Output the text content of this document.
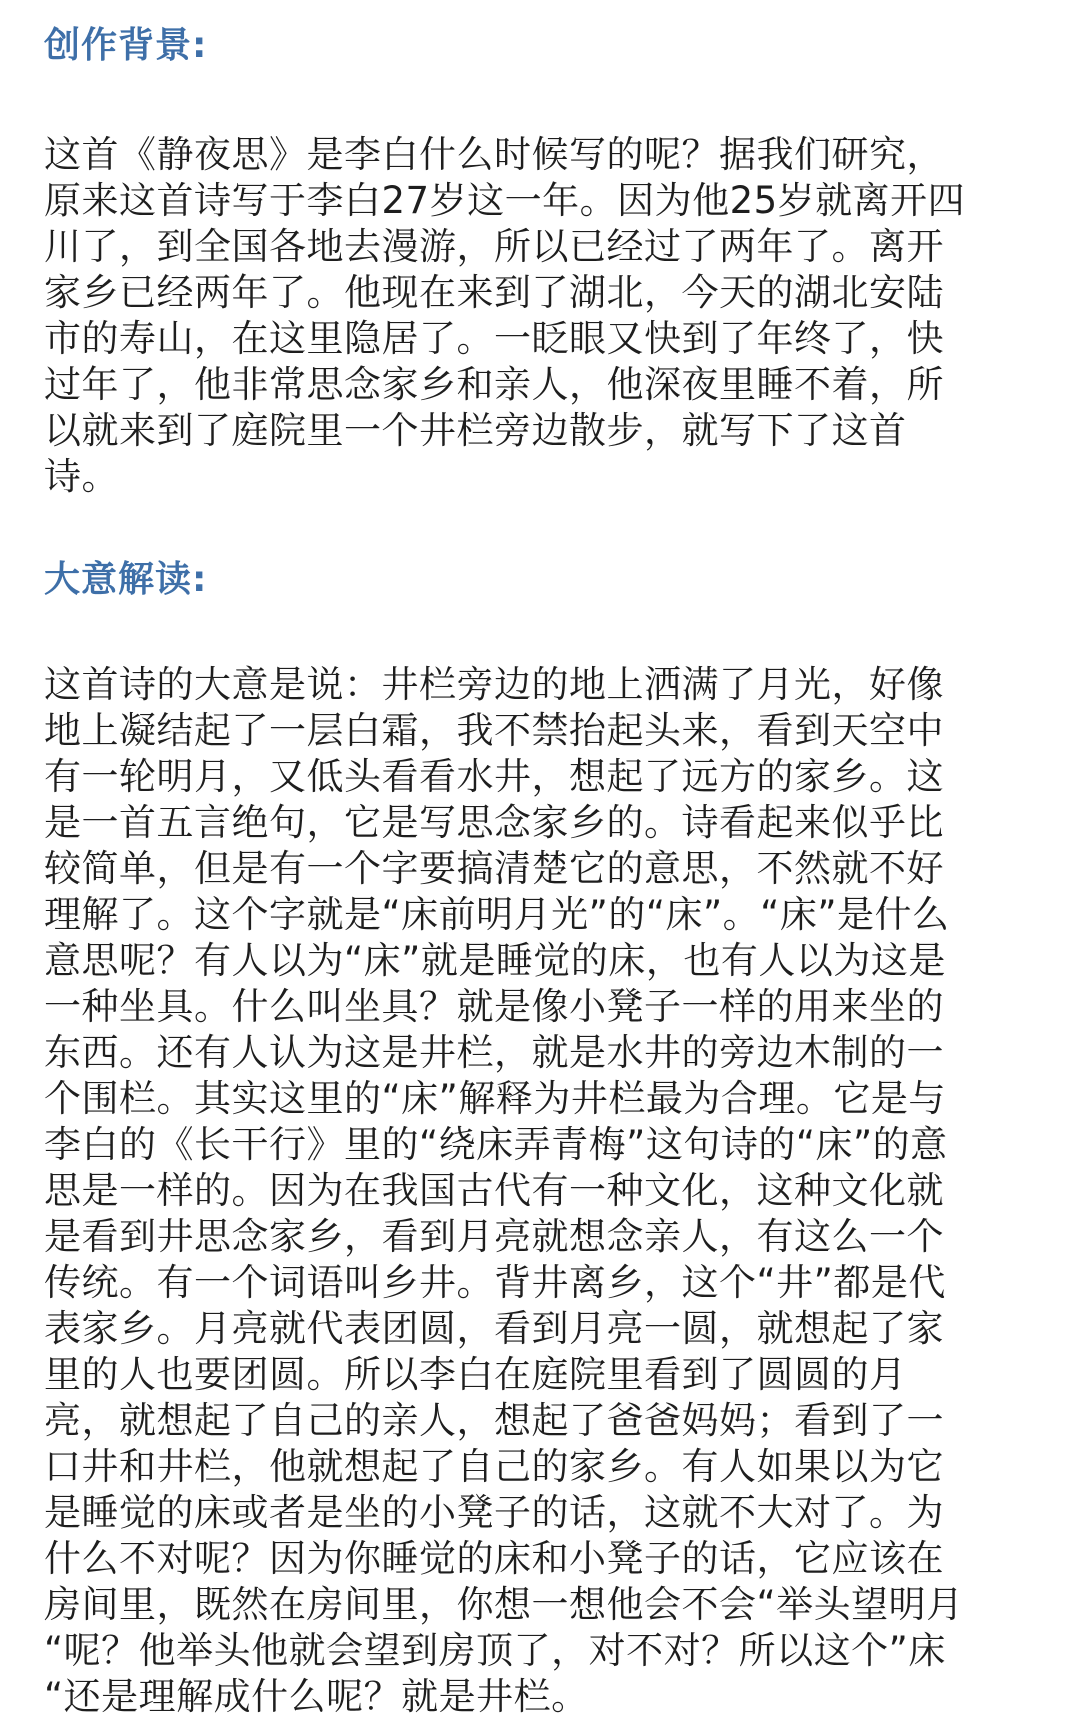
创作背景:

这首《静夜思》是李白什么时候写的呢？据我们研究，
原来这首诗写于李白27岁这一年。因为他25岁就离开四
川了，到全国各地去漫游，所以已经过了两年了。离开
家乡已经两年了。他现在来到了湖北，今天的湖北安陆
市的寿山，在这里隐居了。一眨眼又快到了年终了，快
过年了，他非常思念家乡和亲人，他深夜里睡不着，所
以就来到了庭院里一个井栏旁边散步，就写下了这首
诗。

大意解读:

这首诗的大意是说：井栏旁边的地上洒满了月光，好像
地上凝结起了一层白霜，我不禁抬起头来，看到天空中
有一轮明月，又低头看看水井，想起了远方的家乡。这
是一首五言绝句，它是写思念家乡的。诗看起来似乎比
较简单，但是有一个字要搞清楚它的意思，不然就不好
理解了。这个字就是“床前明月光”的“床”。“床”是什么
意思呢？有人以为“床”就是睡觉的床，也有人以为这是
一种坐具。什么叫坐具？就是像小凳子一样的用来坐的
东西。还有人认为这是井栏，就是水井的旁边木制的一
个围栏。其实这里的“床”解释为井栏最为合理。它是与
李白的《长干行》里的“绕床弄青梅”这句诗的“床”的意
思是一样的。因为在我国古代有一种文化，这种文化就
是看到井思念家乡，看到月亮就想念亲人，有这么一个
传统。有一个词语叫乡井。背井离乡，这个“井”都是代
表家乡。月亮就代表团圆，看到月亮一圆，就想起了家
里的人也要团圆。所以李白在庭院里看到了圆圆的月
亮，就想起了自己的亲人，想起了爸爸妈妈；看到了一
口井和井栏，他就想起了自己的家乡。有人如果以为它
是睡觉的床或者是坐的小凳子的话，这就不大对了。为
什么不对呢？因为你睡觉的床和小凳子的话，它应该在
房间里，既然在房间里，你想一想他会不会“举头望明月
“呢？他举头他就会望到房顶了，对不对？所以这个”床
“还是理解成什么呢？就是井栏。
